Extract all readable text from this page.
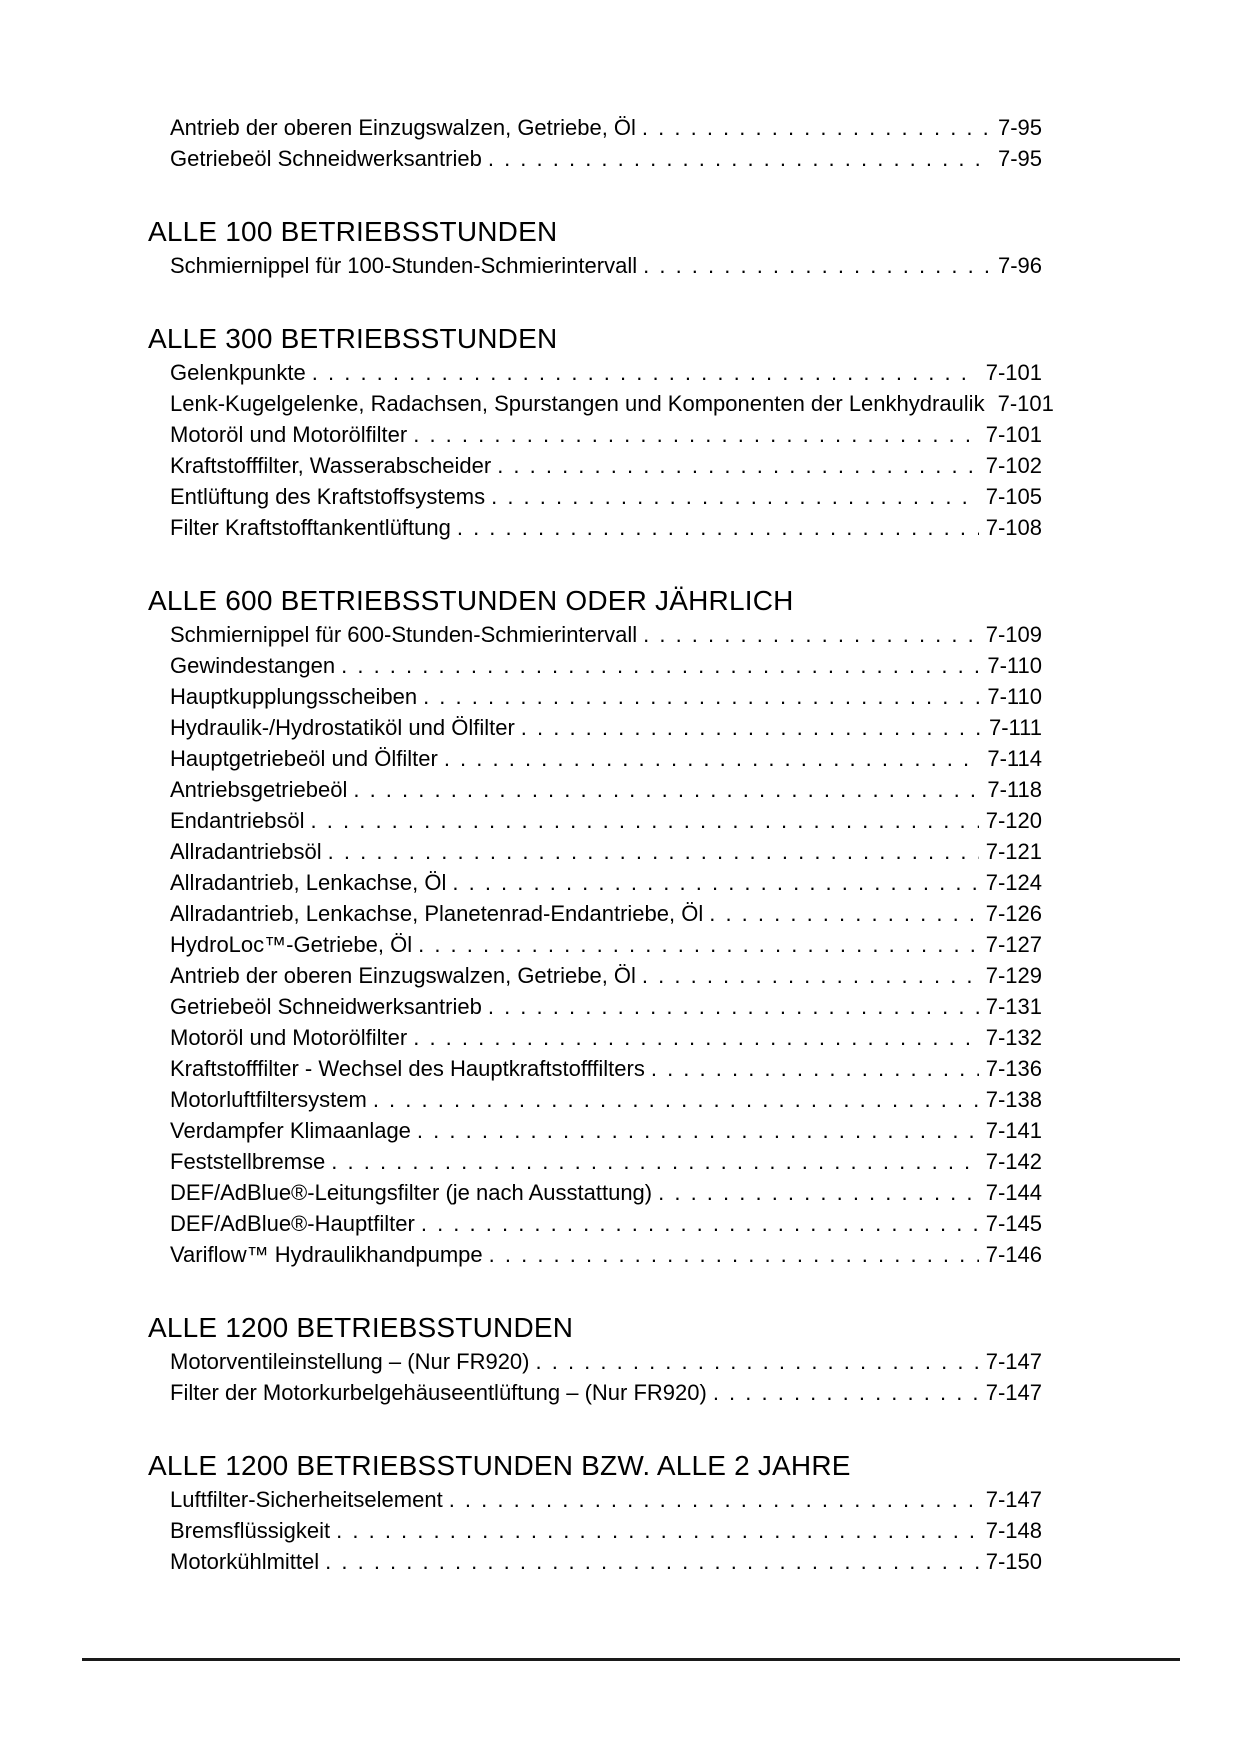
Antrieb der oberen Einzugswalzen, Getriebe, Öl . . .	7-95
Getriebeöl Schneidwerksantrieb . . .	7-95
ALLE 100 BETRIEBSSTUNDEN
Schmiernippel für 100-Stunden-Schmierintervall . . .	7-96
ALLE 300 BETRIEBSSTUNDEN
Gelenkpunkte . . .	7-101
Lenk-Kugelgelenke, Radachsen, Spurstangen und Komponenten der Lenkhydraulik 7-101
Motoröl und Motorölfilter . . .	7-101
Kraftstofffilter, Wasserabscheider . . .	7-102
Entlüftung des Kraftstoffsystems . . .	7-105
Filter Kraftstofftankentlüftung . . .	7-108
ALLE 600 BETRIEBSSTUNDEN ODER JÄHRLICH
Schmiernippel für 600-Stunden-Schmierintervall . . .	7-109
Gewindestangen . . .	7-110
Hauptkupplungsscheiben . . .	7-110
Hydraulik-/Hydrostatiköl und Ölfilter . . .	7-111
Hauptgetriebeöl und Ölfilter . . .	7-114
Antriebsgetriebeöl . . .	7-118
Endantriebsöl . . .	7-120
Allradantriebsöl . . .	7-121
Allradantrieb, Lenkachse, Öl . . .	7-124
Allradantrieb, Lenkachse, Planetenrad-Endantriebe, Öl . . .	7-126
HydroLoc™-Getriebe, Öl . . .	7-127
Antrieb der oberen Einzugswalzen, Getriebe, Öl . . .	7-129
Getriebeöl Schneidwerksantrieb . . .	7-131
Motoröl und Motorölfilter . . .	7-132
Kraftstofffilter - Wechsel des Hauptkraftstofffilters . . .	7-136
Motorluftfiltersystem . . .	7-138
Verdampfer Klimaanlage . . .	7-141
Feststellbremse . . .	7-142
DEF/AdBlue®-Leitungsfilter (je nach Ausstattung) . . .	7-144
DEF/AdBlue®-Hauptfilter . . .	7-145
Variflow™ Hydraulikhandpumpe . . .	7-146
ALLE 1200 BETRIEBSSTUNDEN
Motorventileinstellung – (Nur FR920) . . .	7-147
Filter der Motorkurbelgehäuseentlüftung – (Nur FR920) . . .	7-147
ALLE 1200 BETRIEBSSTUNDEN BZW. ALLE 2 JAHRE
Luftfilter-Sicherheitselement . . .	7-147
Bremsflüssigkeit . . .	7-148
Motorkühlmittel . . .	7-150
